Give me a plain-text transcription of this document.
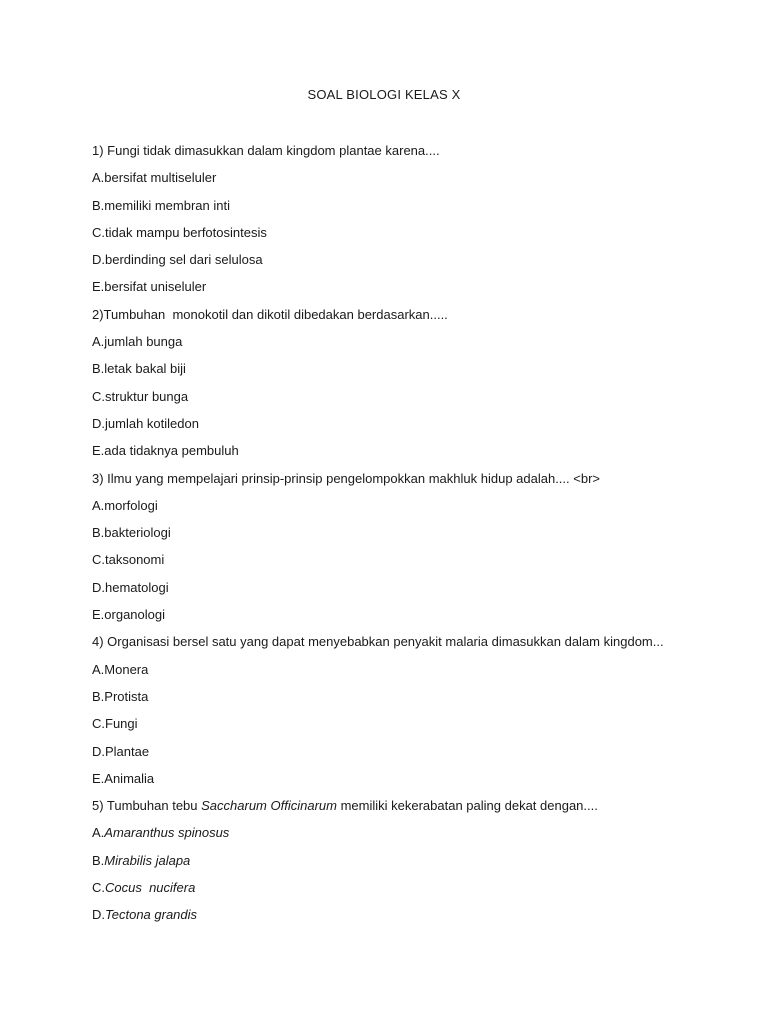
SOAL BIOLOGI KELAS X
1) Fungi tidak dimasukkan dalam kingdom plantae karena....
A.bersifat multiseluler
B.memiliki membran inti
C.tidak mampu berfotosintesis
D.berdinding sel dari selulosa
E.bersifat uniseluler
2)Tumbuhan  monokotil dan dikotil dibedakan berdasarkan.....
A.jumlah bunga
B.letak bakal biji
C.struktur bunga
D.jumlah kotiledon
E.ada tidaknya pembuluh
3) Ilmu yang mempelajari prinsip-prinsip pengelompokkan makhluk hidup adalah.... <br>
A.morfologi
B.bakteriologi
C.taksonomi
D.hematologi
E.organologi
4) Organisasi bersel satu yang dapat menyebabkan penyakit malaria dimasukkan dalam kingdom...
A.Monera
B.Protista
C.Fungi
D.Plantae
E.Animalia
5) Tumbuhan tebu Saccharum Officinarum memiliki kekerabatan paling dekat dengan....
A.Amaranthus spinosus
B.Mirabilis jalapa
C.Cocus  nucifera
D.Tectona grandis
